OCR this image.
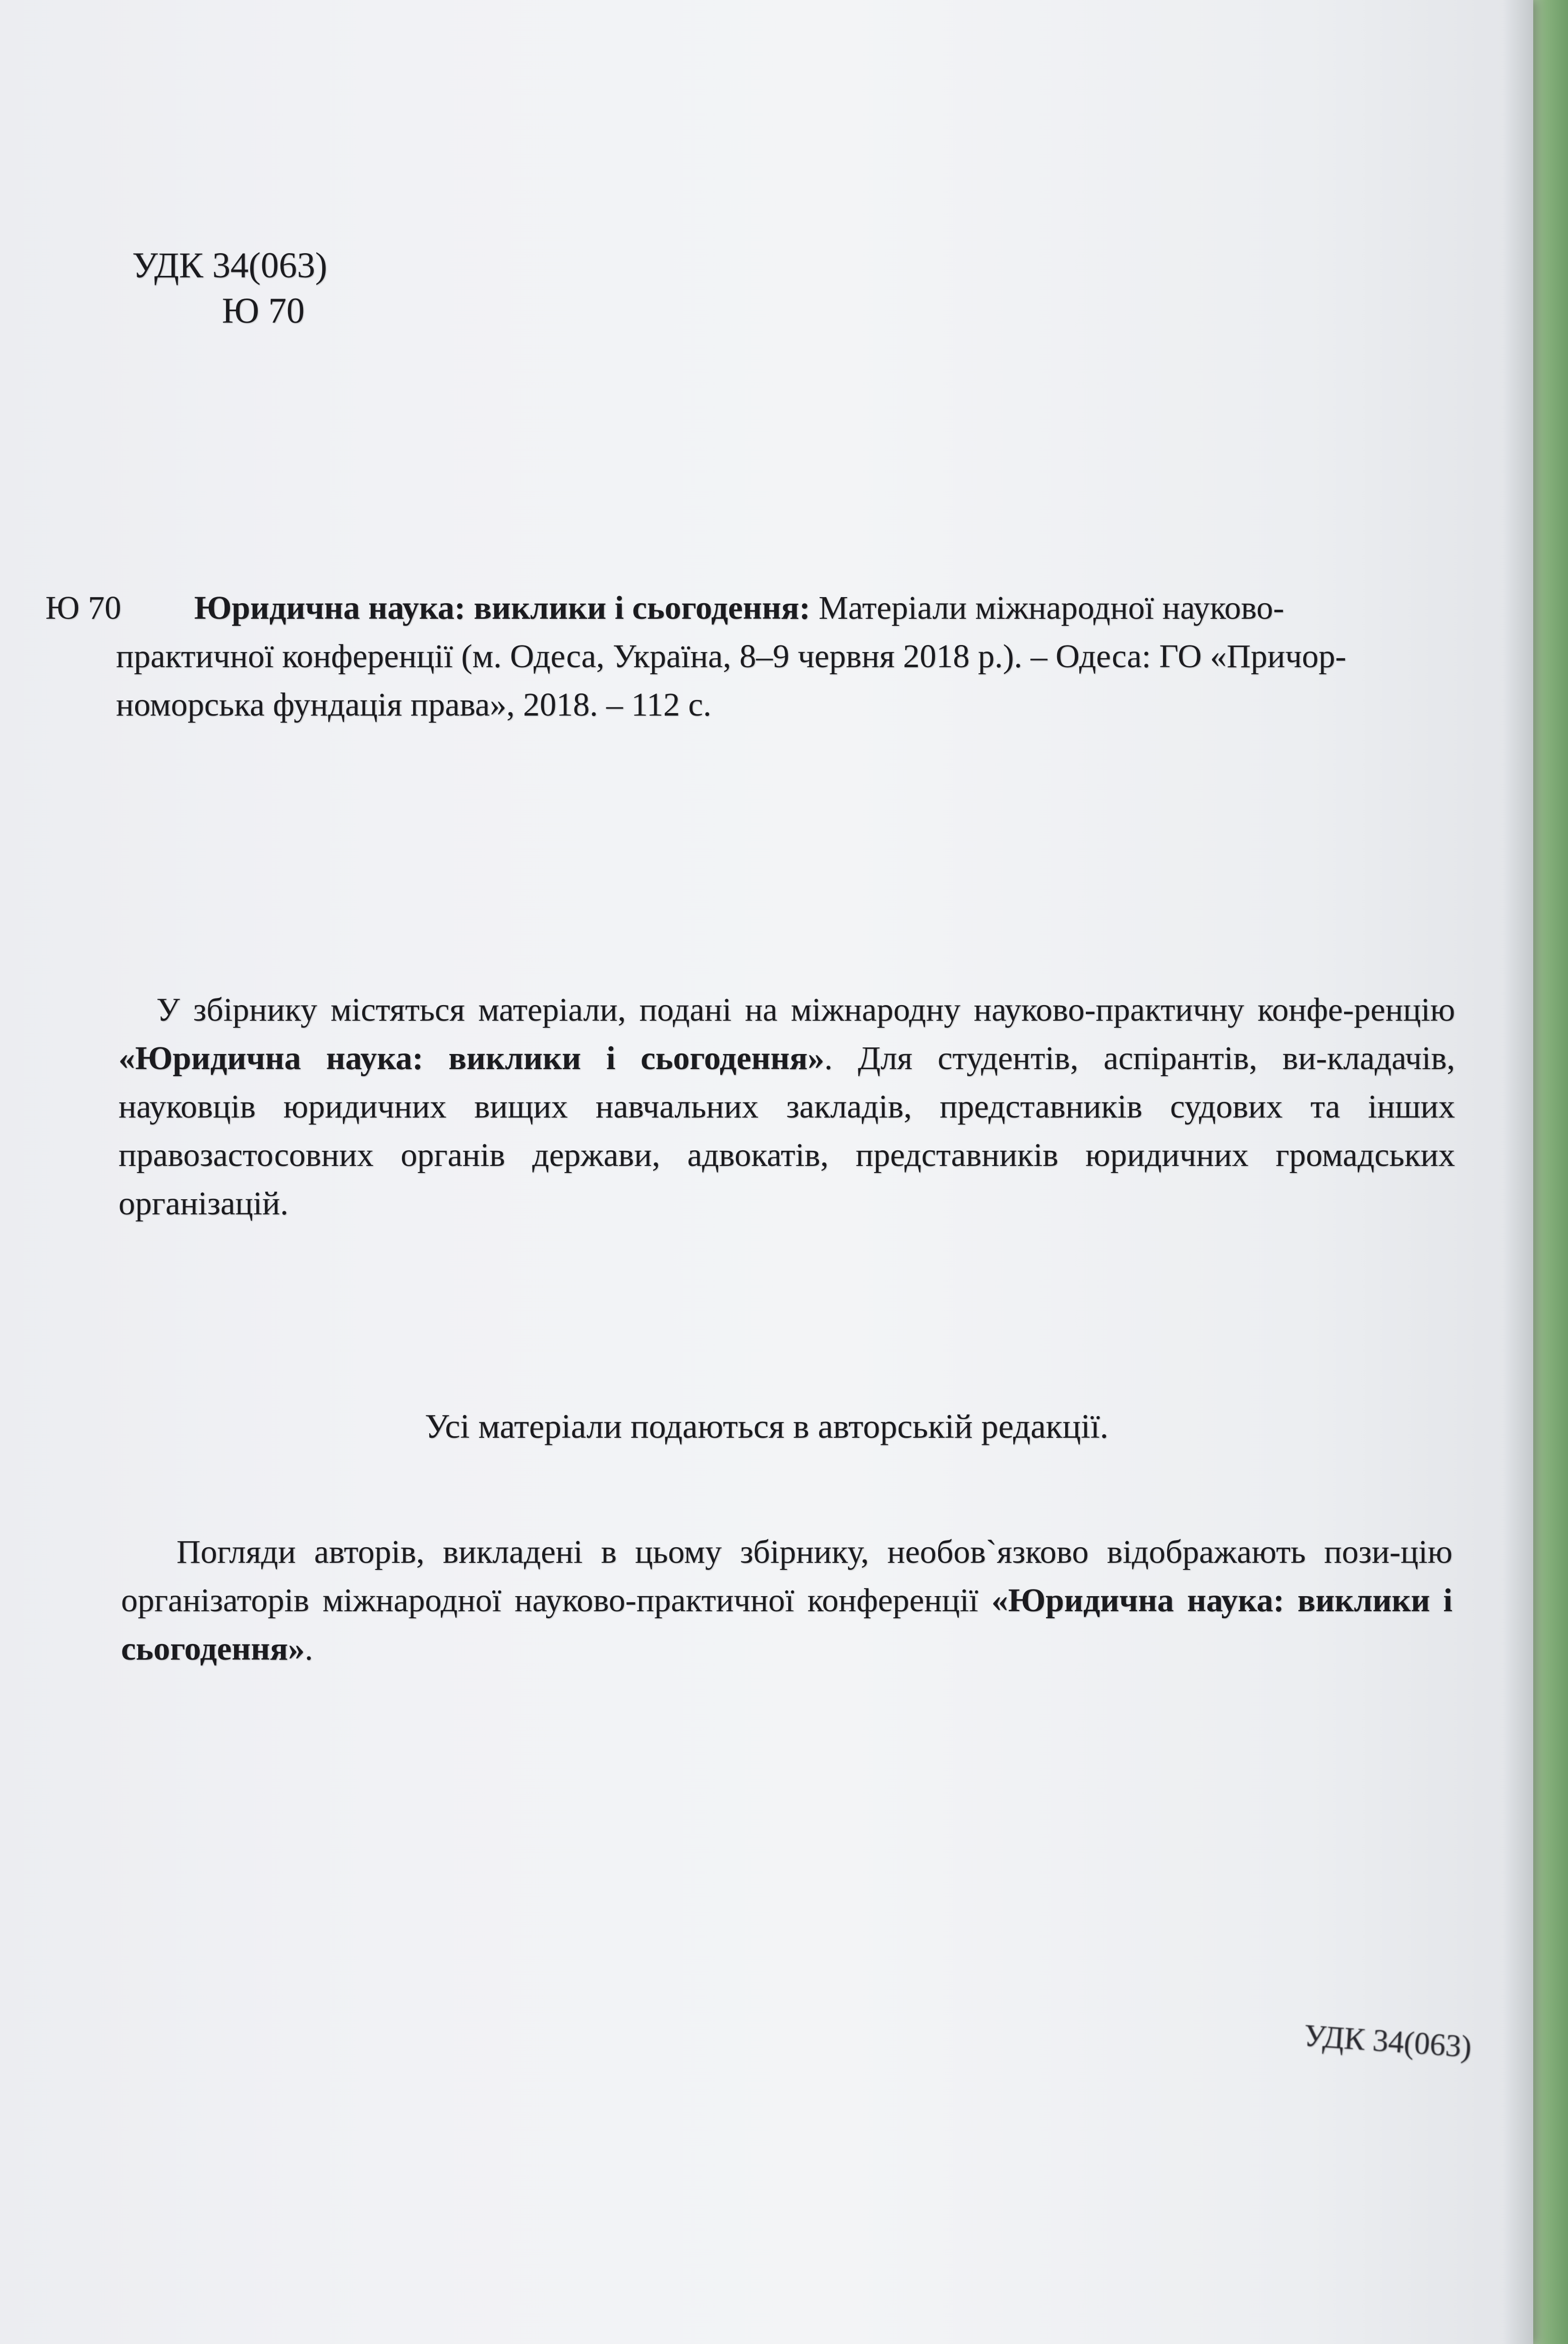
УДК 34(063)
Ю 70
Ю 70 Юридична наука: виклики і сьогодення: Матеріали міжнародної науково-
практичної конференції (м. Одеса, Україна, 8–9 червня 2018 р.). – Одеса: ГО «Причор-
номорська фундація права», 2018. – 112 с.
У збірнику містяться матеріали, подані на міжнародну науково-практичну конфе-ренцію «Юридична наука: виклики і сьогодення». Для студентів, аспірантів, ви-кладачів, науковців юридичних вищих навчальних закладів, представників судових та інших правозастосовних органів держави, адвокатів, представників юридичних громадських організацій.
Усі матеріали подаються в авторській редакції.
Погляди авторів, викладені в цьому збірнику, необов`язково відображають пози-цію організаторів міжнародної науково-практичної конференції «Юридична наука: виклики і сьогодення».
УДК 34(063)
